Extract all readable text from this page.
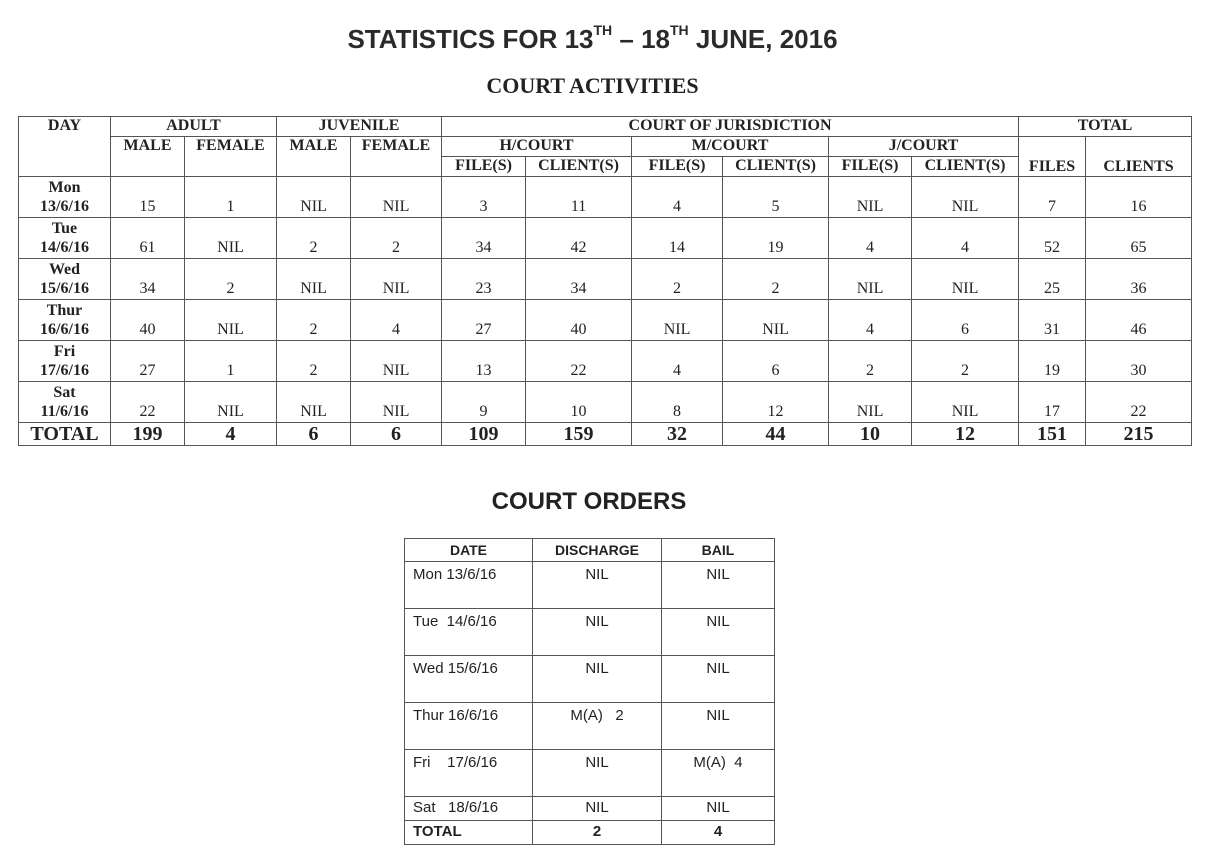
STATISTICS FOR 13TH – 18TH JUNE, 2016
COURT ACTIVITIES
DAY	ADULT		JUVENILE		COURT OF JURISDICTION						TOTAL	
	MALE	FEMALE	MALE	FEMALE	H/COURT		M/COURT		J/COURT		FILES	CLIENTS
					FILE(S)	CLIENT(S)	FILE(S)	CLIENT(S)	FILE(S)	CLIENT(S)		
Mon
13/6/16	15	1	NIL	NIL	3	11	4	5	NIL	NIL	7	16
Tue
14/6/16	61	NIL	2	2	34	42	14	19	4	4	52	65
Wed
15/6/16	34	2	NIL	NIL	23	34	2	2	NIL	NIL	25	36
Thur
16/6/16	40	NIL	2	4	27	40	NIL	NIL	4	6	31	46
Fri
17/6/16	27	1	2	NIL	13	22	4	6	2	2	19	30
Sat
11/6/16	22	NIL	NIL	NIL	9	10	8	12	NIL	NIL	17	22
TOTAL	199	4	6	6	109	159	32	44	10	12	151	215
COURT ORDERS
DATE	DISCHARGE	BAIL
Mon 13/6/16	NIL	NIL
Tue  14/6/16	NIL	NIL
Wed 15/6/16	NIL	NIL
Thur 16/6/16	M(A)   2	NIL
Fri    17/6/16	NIL	M(A)  4
Sat   18/6/16	NIL	NIL
TOTAL	2	4
